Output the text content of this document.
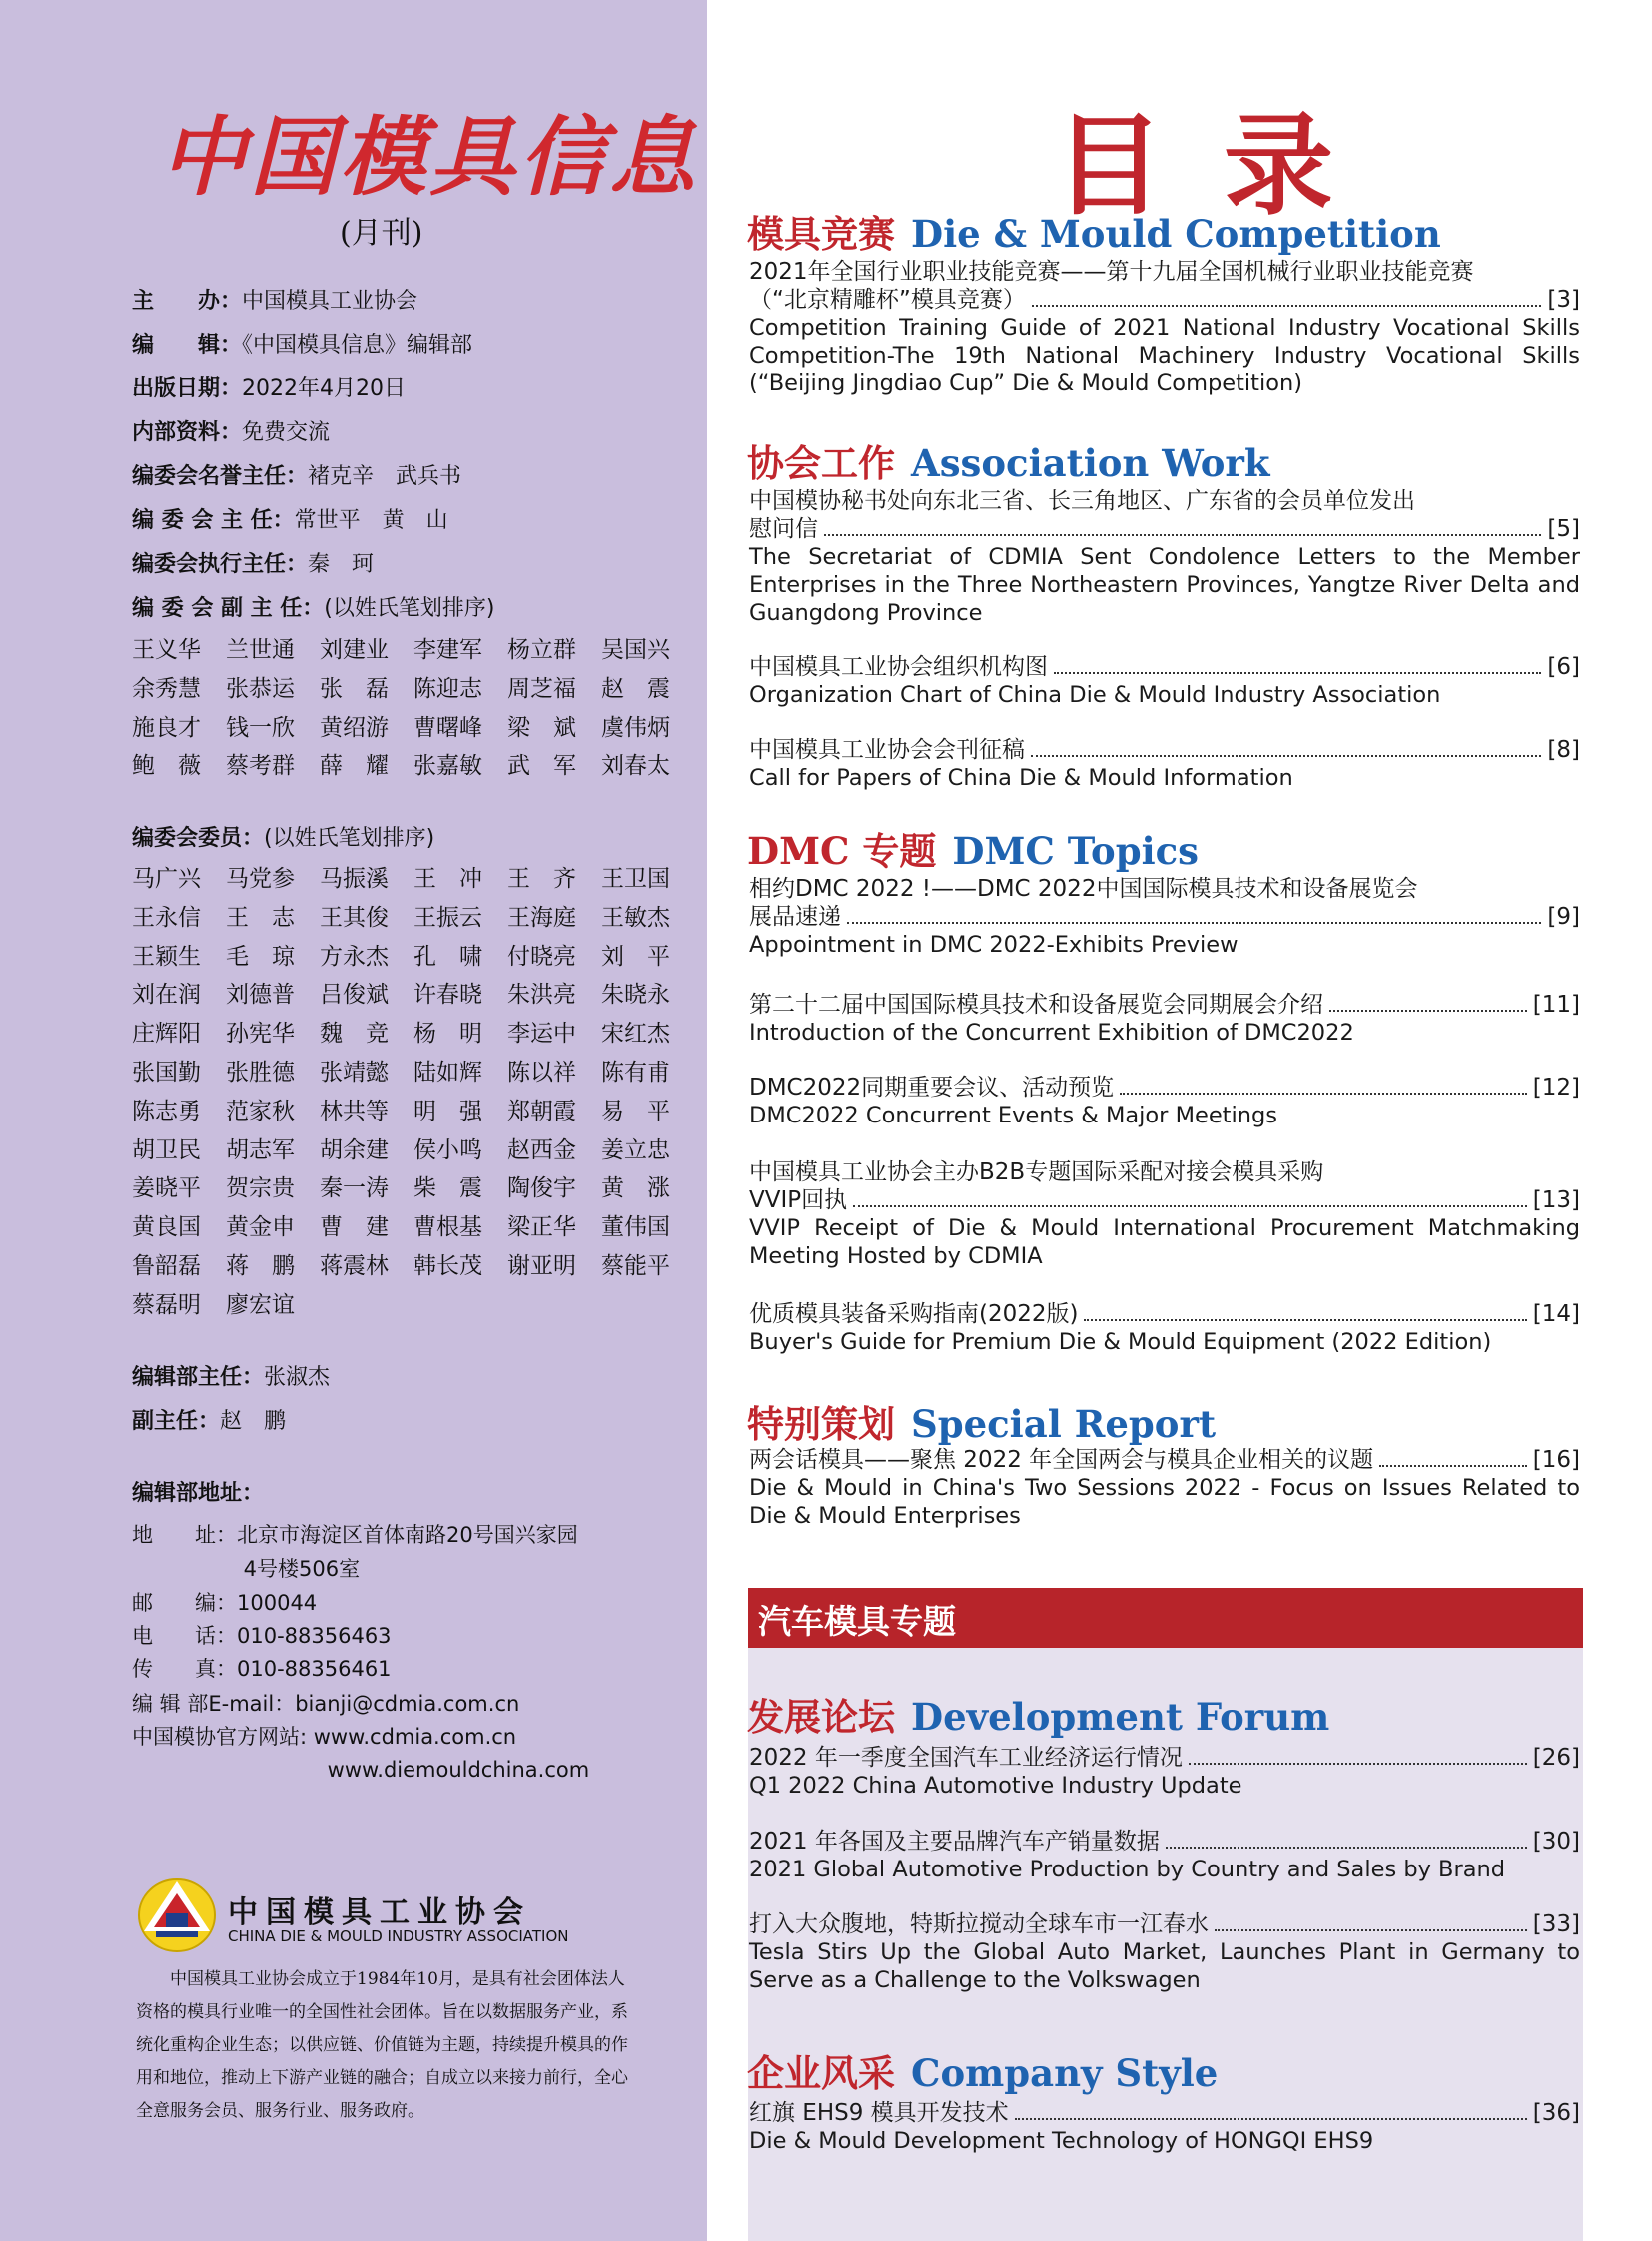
中国模具信息
(月刊)
主　　办：中国模具工业协会
编　　辑：《中国模具信息》编辑部
出版日期：2022年4月20日
内部资料：免费交流
编委会名誉主任：褚克辛　武兵书
编 委 会 主 任：常世平　黄　山
编委会执行主任：秦　珂
编 委 会 副 主 任：(以姓氏笔划排序)
王义华	兰世通	刘建业	李建军	杨立群	吴国兴
余秀慧	张恭运	张　磊	陈迎志	周芝福	赵　震
施良才	钱一欣	黄绍游	曹曙峰	梁　斌	虞伟炳
鲍　薇	蔡考群	薛　耀	张嘉敏	武　军	刘春太
编委会委员：(以姓氏笔划排序)
马广兴	马党参	马振溪	王　冲	王　齐	王卫国
王永信	王　志	王其俊	王振云	王海庭	王敏杰
王颖生	毛　琼	方永杰	孔　啸	付晓亮	刘　平
刘在润	刘德普	吕俊斌	许春晓	朱洪亮	朱晓永
庄辉阳	孙宪华	魏　竞	杨　明	李运中	宋红杰
张国勤	张胜德	张靖懿	陆如辉	陈以祥	陈有甫
陈志勇	范家秋	林共等	明　强	郑朝霞	易　平
胡卫民	胡志军	胡余建	侯小鸣	赵西金	姜立忠
姜晓平	贺宗贵	秦一涛	柴　震	陶俊宇	黄　涨
黄良国	黄金申	曹　建	曹根基	梁正华	董伟国
鲁韶磊	蒋　鹏	蒋震林	韩长茂	谢亚明	蔡能平
蔡磊明	廖宏谊
编辑部主任：张淑杰
副主任：赵　鹏
编辑部地址：
地　　址：北京市海淀区首体南路20号国兴家园
　　　　　 4号楼506室
邮　　编：100044
电　　话：010-88356463
传　　真：010-88356461
编 辑 部E-mail：bianji@cdmia.com.cn
中国模协官方网站: www.cdmia.com.cn
　　　　　　　　　 www.diemouldchina.com
中国模具工业协会
CHINA DIE & MOULD INDUSTRY ASSOCIATION
中国模具工业协会成立于1984年10月，是具有社会团体法人资格的模具行业唯一的全国性社会团体。旨在以数据服务产业，系统化重构企业生态；以供应链、价值链为主题，持续提升模具的作用和地位，推动上下游产业链的融合；自成立以来接力前行，全心全意服务会员、服务行业、服务政府。
目录
汽车模具专题
模具竞赛 Die & Mould Competition
协会工作 Association Work
DMC 专题 DMC Topics
特别策划 Special Report
发展论坛 Development Forum
企业风采 Company Style
2021年全国行业职业技能竞赛——第十九届全国机械行业职业技能竞赛
（“北京精雕杯”模具竞赛）	[3]
Competition Training Guide of 2021 National Industry Vocational Skills Competition-The 19th National Machinery Industry Vocational Skills (“Beijing Jingdiao Cup” Die & Mould Competition)
中国模协秘书处向东北三省、长三角地区、广东省的会员单位发出
慰问信	[5]
The Secretariat of CDMIA Sent Condolence Letters to the Member Enterprises in the Three Northeastern Provinces, Yangtze River Delta and Guangdong Province
中国模具工业协会组织机构图	[6]
Organization Chart of China Die & Mould Industry Association
中国模具工业协会会刊征稿	[8]
Call for Papers of China Die & Mould Information
相约DMC 2022 !——DMC 2022中国国际模具技术和设备展览会
展品速递	[9]
Appointment in DMC 2022-Exhibits Preview
第二十二届中国国际模具技术和设备展览会同期展会介绍	[11]
Introduction of the Concurrent Exhibition of DMC2022
DMC2022同期重要会议、活动预览	[12]
DMC2022 Concurrent Events & Major Meetings
中国模具工业协会主办B2B专题国际采配对接会模具采购
VVIP回执	[13]
VVIP Receipt of Die & Mould International Procurement Matchmaking Meeting Hosted by CDMIA
优质模具装备采购指南(2022版)	[14]
Buyer's Guide for Premium Die & Mould Equipment (2022 Edition)
两会话模具——聚焦 2022 年全国两会与模具企业相关的议题	[16]
Die & Mould in China's Two Sessions 2022 - Focus on Issues Related to Die & Mould Enterprises
2022 年一季度全国汽车工业经济运行情况	[26]
Q1 2022 China Automotive Industry Update
2021 年各国及主要品牌汽车产销量数据	[30]
2021 Global Automotive Production by Country and Sales by Brand
打入大众腹地，特斯拉搅动全球车市一江春水	[33]
Tesla Stirs Up the Global Auto Market, Launches Plant in Germany to Serve as a Challenge to the Volkswagen
红旗 EHS9 模具开发技术	[36]
Die & Mould Development Technology of HONGQI EHS9
